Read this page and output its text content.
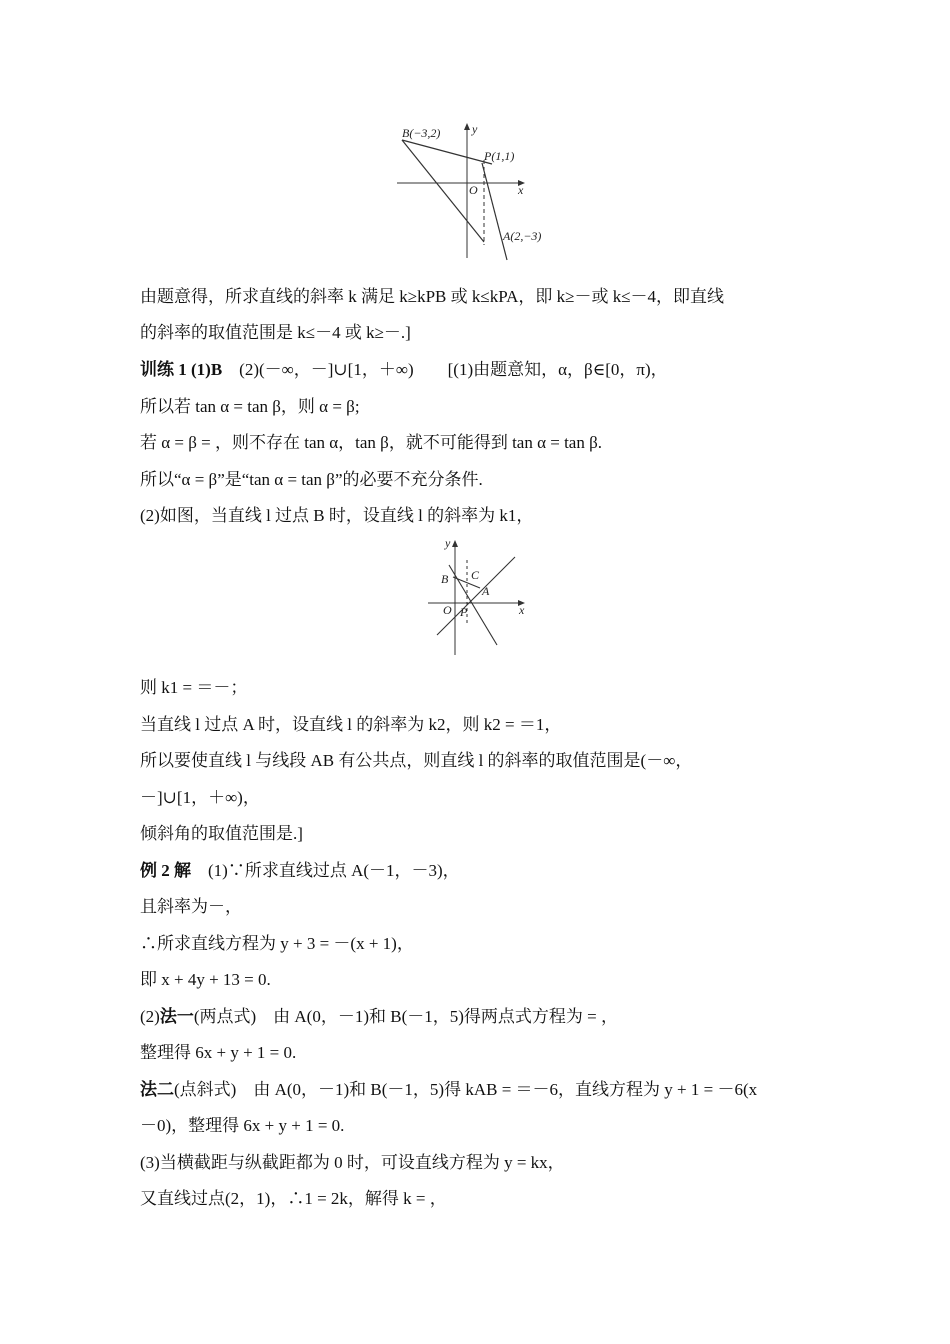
B(−3,2)
P(1,1)
A(2,−3)
O	x
y
由题意得，所求直线的斜率 k 满足 k≥kPB 或 k≤kPA，即 k≥－或 k≤－4，即直线
的斜率的取值范围是 k≤－4 或 k≥－.]
训练 1 (1)B　 (2)(－∞，－]∪[1，＋∞)　　[(1)由题意知，α，β∈[0，π)，
所以若 tan α = tan β，则 α = β;
若 α = β = ，则不存在 tan α，tan β，就不可能得到 tan α = tan β.
所以“α = β”是“tan α = tan β”的必要不充分条件.
(2)如图，当直线 l 过点 B 时，设直线 l 的斜率为 k1，
B C
A
O P	x
y
则 k1 = ＝－；
当直线 l 过点 A 时，设直线 l 的斜率为 k2，则 k2 = ＝1，
所以要使直线 l 与线段 AB 有公共点，则直线 l 的斜率的取值范围是(－∞，
－]∪[1，＋∞)，
倾斜角的取值范围是.]
例 2 解　 (1)∵所求直线过点 A(－1，－3)，
且斜率为－，
∴所求直线方程为 y + 3 = －(x + 1)，
即 x + 4y + 13 = 0.
(2)法一(两点式)　由 A(0，－1)和 B(－1，5)得两点式方程为 = ，
整理得 6x + y + 1 = 0.
法二(点斜式)　由 A(0，－1)和 B(－1，5)得 kAB = ＝－6，直线方程为 y + 1 = －6(x
－0)，整理得 6x + y + 1 = 0.
(3)当横截距与纵截距都为 0 时，可设直线方程为 y = kx，
又直线过点(2，1)，∴1 = 2k，解得 k = ，
